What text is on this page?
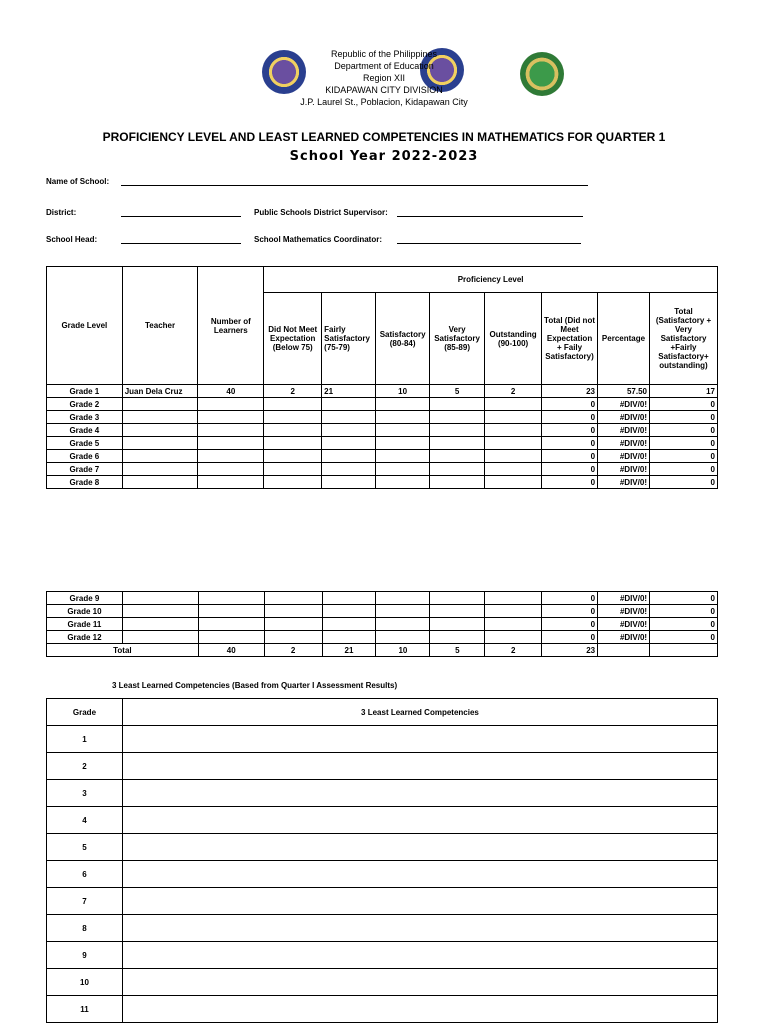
Republic of the Philippines
Department of Education
Region XII
KIDAPAWAN CITY DIVISION
J.P. Laurel St., Poblacion, Kidapawan City
PROFICIENCY LEVEL AND LEAST LEARNED COMPETENCIES IN MATHEMATICS FOR QUARTER 1
School Year 2022-2023
Name of School:
District:	Public Schools District Supervisor:
School Head:	School Mathematics Coordinator:
Grade Level	Teacher	Number of Learners	Proficiency Level							
			Did Not Meet Expectation (Below 75)	Fairly Satisfactory (75-79)	Satisfactory (80-84)	Very Satisfactory (85-89)	Outstanding (90-100)	Total (Did not Meet Expectation + Faily Satisfactory)	Percentage	Total (Satisfactory + Very Satisfactory +Fairly Satisfactory+ outstanding)
Grade 1	Juan Dela Cruz	40	2	21	10	5	2	23	57.50	17
Grade 2								0	#DIV/0!	0
Grade 3								0	#DIV/0!	0
Grade 4								0	#DIV/0!	0
Grade 5								0	#DIV/0!	0
Grade 6								0	#DIV/0!	0
Grade 7								0	#DIV/0!	0
Grade 8								0	#DIV/0!	0
Grade 9								0	#DIV/0!	0
Grade 10								0	#DIV/0!	0
Grade 11								0	#DIV/0!	0
Grade 12								0	#DIV/0!	0
Total		40	2	21	10	5	2	23		
3 Least Learned Competencies (Based from Quarter I Assessment Results)
Grade	3 Least Learned Competencies
1	
2	
3	
4	
5	
6	
7	
8	
9	
10	
11	
